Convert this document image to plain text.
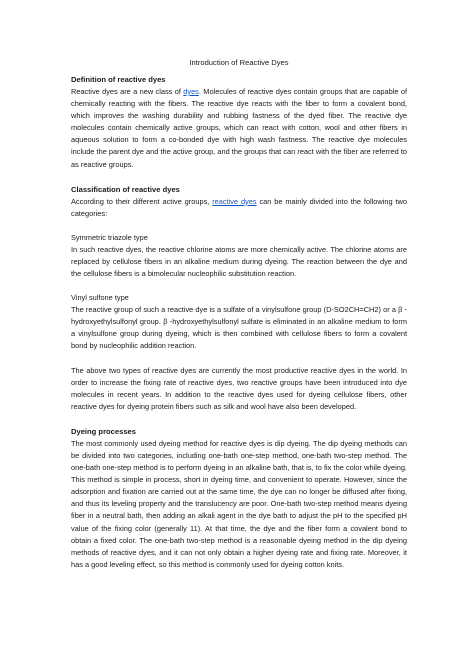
Introduction of Reactive Dyes
Definition of reactive dyes

Reactive dyes are a new class of dyes. Molecules of reactive dyes contain groups that are capable of chemically reacting with the fibers. The reactive dye reacts with the fiber to form a covalent bond, which improves the washing durability and rubbing fastness of the dyed fiber. The reactive dye molecules contain chemically active groups, which can react with cotton, wool and other fibers in aqueous solution to form a co-bonded dye with high wash fastness. The reactive dye molecules include the parent dye and the active group, and the groups that can react with the fiber are referred to as reactive groups.

Classification of reactive dyes

According to their different active groups, reactive dyes can be mainly divided into the following two categories:

Symmetric triazole type

In such reactive dyes, the reactive chlorine atoms are more chemically active. The chlorine atoms are replaced by cellulose fibers in an alkaline medium during dyeing. The reaction between the dye and the cellulose fibers is a bimolecular nucleophilic substitution reaction.

Vinyl sulfone type

The reactive group of such a reactive dye is a sulfate of a vinylsulfone group (D-SO2CH=CH2) or a β -hydroxyethylsulfonyl group. β -hydroxyethylsulfonyl sulfate is eliminated in an alkaline medium to form a vinylsulfone group during dyeing, which is then combined with cellulose fibers to form a covalent bond by nucleophilic addition reaction.

The above two types of reactive dyes are currently the most productive reactive dyes in the world. In order to increase the fixing rate of reactive dyes, two reactive groups have been introduced into dye molecules in recent years. In addition to the reactive dyes used for dyeing cellulose fibers, other reactive dyes for dyeing protein fibers such as silk and wool have also been developed.

Dyeing processes

The most commonly used dyeing method for reactive dyes is dip dyeing. The dip dyeing methods can be divided into two categories, including one-bath one-step method, one-bath two-step method. The one-bath one-step method is to perform dyeing in an alkaline bath, that is, to fix the color while dyeing. This method is simple in process, short in dyeing time, and convenient to operate. However, since the adsorption and fixation are carried out at the same time, the dye can no longer be diffused after fixing, and thus its leveling property and the translucency are poor. One-bath two-step method means dyeing fiber in a neutral bath, then adding an alkali agent in the dye bath to adjust the pH to the specified pH value of the fixing color (generally 11). At that time, the dye and the fiber form a covalent bond to obtain a fixed color. The one-bath two-step method is a reasonable dyeing method in the dip dyeing methods of reactive dyes, and it can not only obtain a higher dyeing rate and fixing rate. Moreover, it has a good leveling effect, so this method is commonly used for dyeing cotton knits.
